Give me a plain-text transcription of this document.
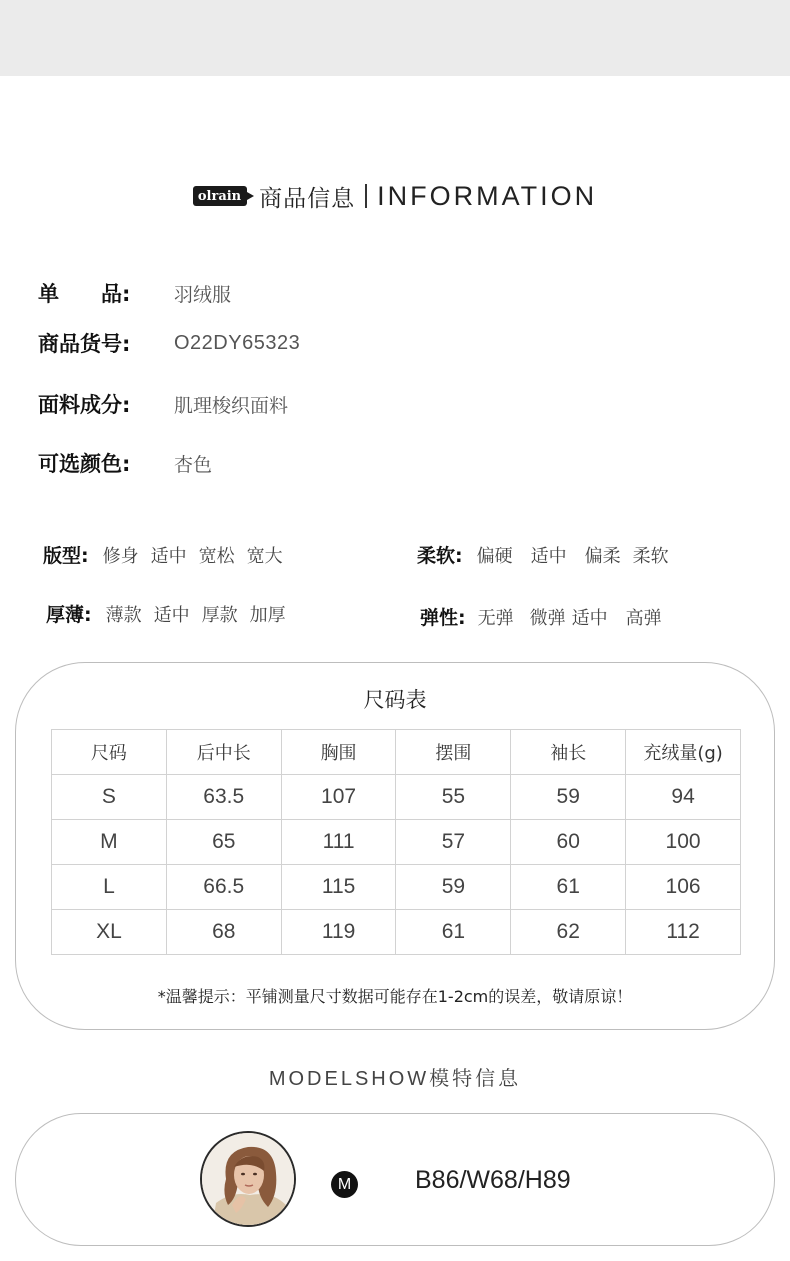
olrain 商品信息 INFORMATION
单　　品:	羽绒服
商品货号:	O22DY65323
面料成分:	肌理梭织面料
可选颜色:	杏色
版型: 修身 适中 宽松 宽大	柔软: 偏硬 适中 偏柔 柔软
厚薄: 薄款 适中 厚款 加厚	弹性: 无弹 微弹 适中 高弹
尺码表
尺码	后中长	胸围	摆围	袖长	充绒量(g)
S	63.5	107	55	59	94
M	65	111	57	60	100
L	66.5	115	59	61	106
XL	68	119	61	62	112
*温馨提示：平铺测量尺寸数据可能存在1-2cm的误差，敬请原谅！
MODELSHOW模特信息
M	B86/W68/H89
